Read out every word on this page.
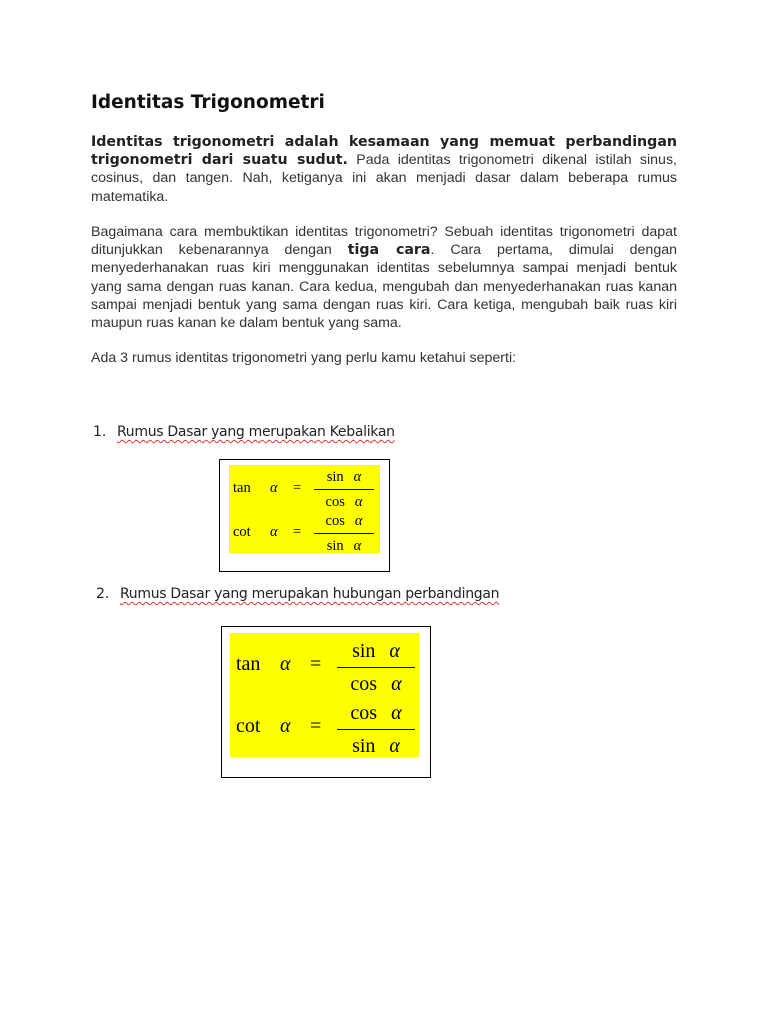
Identitas Trigonometri

Identitas trigonometri adalah kesamaan yang memuat perbandingan trigonometri dari suatu sudut. Pada identitas trigonometri dikenal istilah sinus, cosinus, dan tangen. Nah, ketiganya ini akan menjadi dasar dalam beberapa rumus matematika.

Bagaimana cara membuktikan identitas trigonometri? Sebuah identitas trigonometri dapat ditunjukkan kebenarannya dengan tiga cara. Cara pertama, dimulai dengan menyederhanakan ruas kiri menggunakan identitas sebelumnya sampai menjadi bentuk yang sama dengan ruas kanan. Cara kedua, mengubah dan menyederhanakan ruas kanan sampai menjadi bentuk yang sama dengan ruas kiri. Cara ketiga, mengubah baik ruas kiri maupun ruas kanan ke dalam bentuk yang sama.

Ada 3 rumus identitas trigonometri yang perlu kamu ketahui seperti:

1. Rumus Dasar yang merupakan Kebalikan
$\tan \alpha = \frac{\text{sin α}}{\text{cos α}}$
$\cot \alpha = \frac{\text{cos α}}{\text{sin α}}$
2. Rumus Dasar yang merupakan hubungan perbandingan
$\tan \alpha = \frac{\text{sin α}}{\text{cos α}}$
$\cot \alpha = \frac{\text{cos α}}{\text{sin α}}$
